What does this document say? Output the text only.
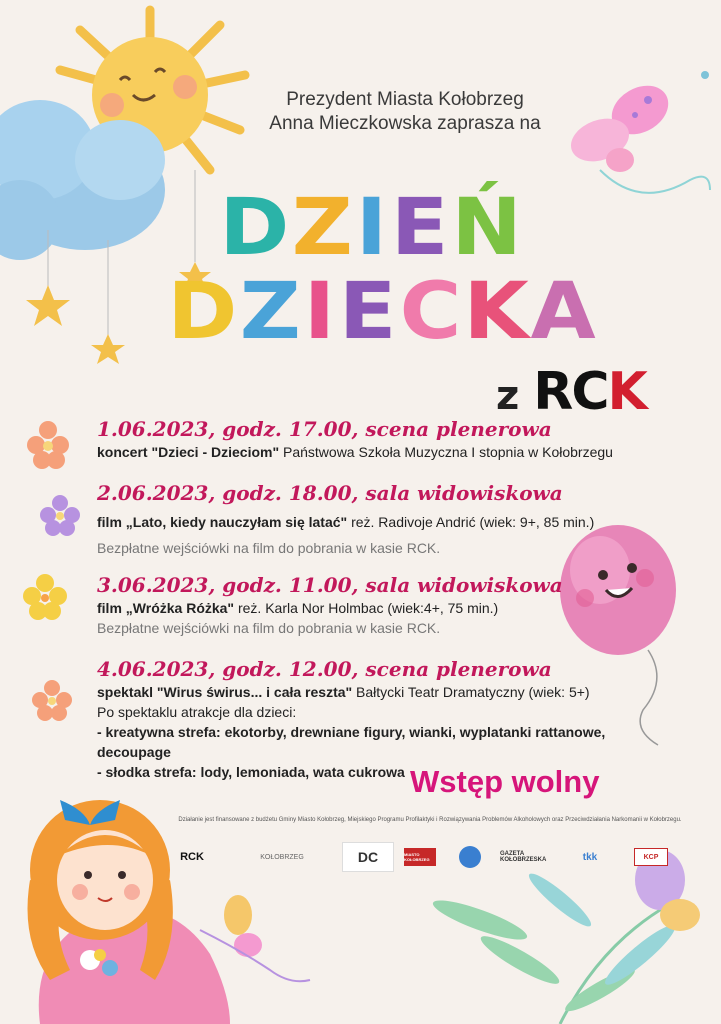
Prezydent Miasta Kołobrzeg
Anna Mieczkowska zaprasza na
D Z I E Ń
D Z I E C K A
z RCK
1.06.2023, godz. 17.00, scena plenerowa
koncert "Dzieci - Dzieciom" Państwowa Szkoła Muzyczna I stopnia w Kołobrzegu
2.06.2023, godz. 18.00, sala widowiskowa
film „Lato, kiedy nauczyłam się latać" reż. Radivoje Andrić (wiek: 9+, 85 min.)
Bezpłatne wejściówki na film do pobrania w kasie RCK.
3.06.2023, godz. 11.00, sala widowiskowa
film „Wróżka Różka" reż. Karla Nor Holmbac (wiek:4+, 75 min.)
Bezpłatne wejściówki na film do pobrania w kasie RCK.
4.06.2023, godz. 12.00, scena plenerowa
spektakl "Wirus świrus... i cała reszta" Bałtycki Teatr Dramatyczny (wiek: 5+)
Po spektaklu atrakcje dla dzieci:
- kreatywna strefa: ekotorby, drewniane figury, wianki, wyplatanki rattanowe, decoupage
- słodka strefa: lody, lemoniada, wata cukrowa Wstęp wolny
Działanie jest finansowane z budżetu Gminy Miasto Kołobrzeg, Miejskiego Programu Profilaktyki i Rozwiązywania Problemów Alkoholowych oraz Przeciwdziałania Narkomanii w Kołobrzegu.
RCK	KOŁOBRZEG	DC	MIASTO KOŁOBRZEG
GAZETA KOŁOBRZESKA	tkk	KCP
